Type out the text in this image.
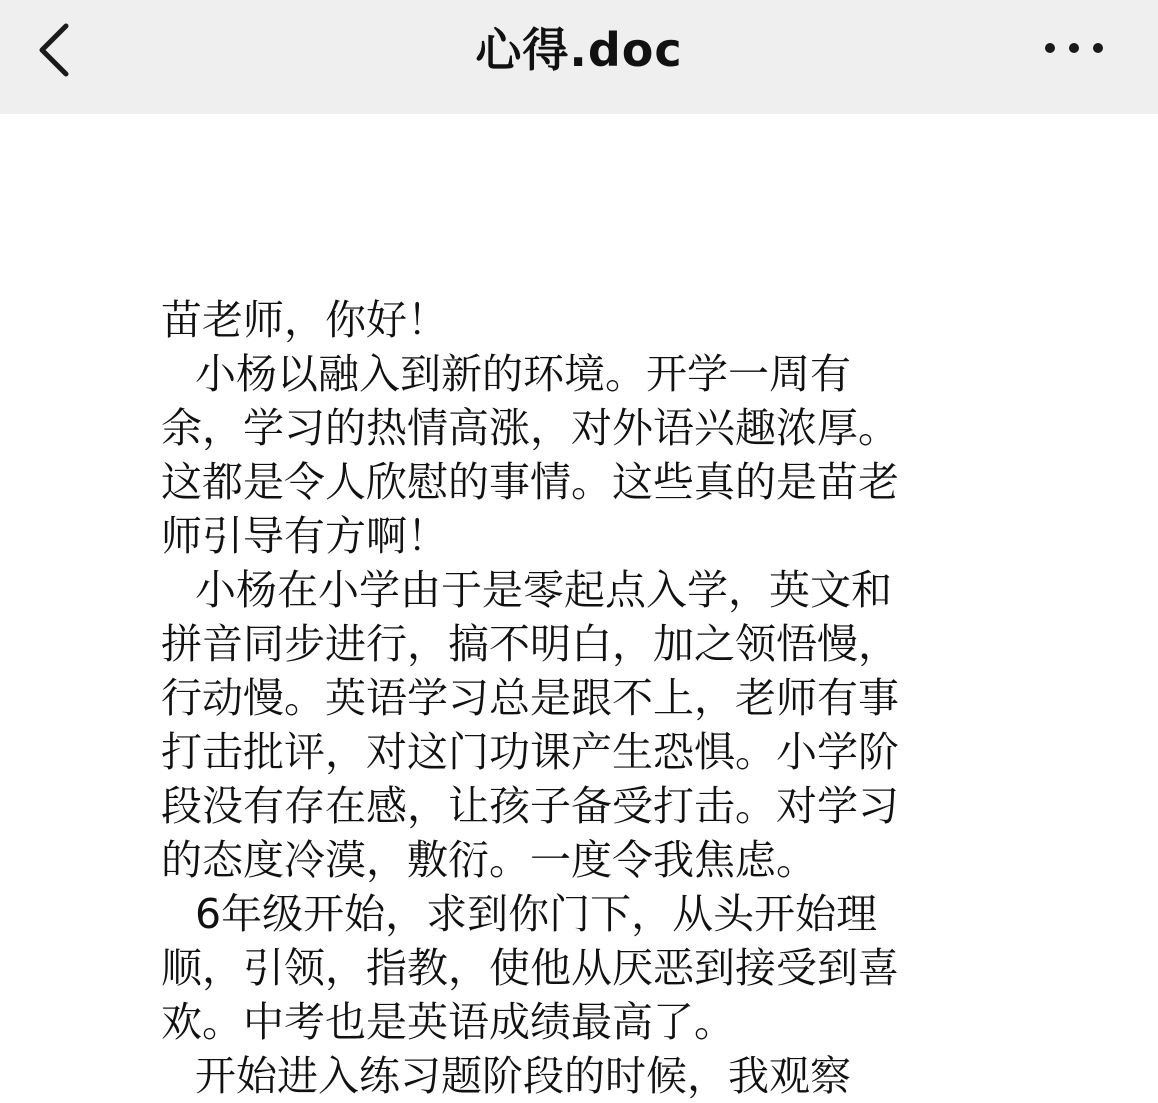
心得.doc
苗老师，你好！
小杨以融入到新的环境。开学一周有
余，学习的热情高涨，对外语兴趣浓厚。
这都是令人欣慰的事情。这些真的是苗老
师引导有方啊！
小杨在小学由于是零起点入学，英文和
拼音同步进行，搞不明白，加之领悟慢，
行动慢。英语学习总是跟不上，老师有事
打击批评，对这门功课产生恐惧。小学阶
段没有存在感，让孩子备受打击。对学习
的态度冷漠，敷衍。一度令我焦虑。
6年级开始，求到你门下，从头开始理
顺，引领，指教，使他从厌恶到接受到喜
欢。中考也是英语成绩最高了。
开始进入练习题阶段的时候，我观察
